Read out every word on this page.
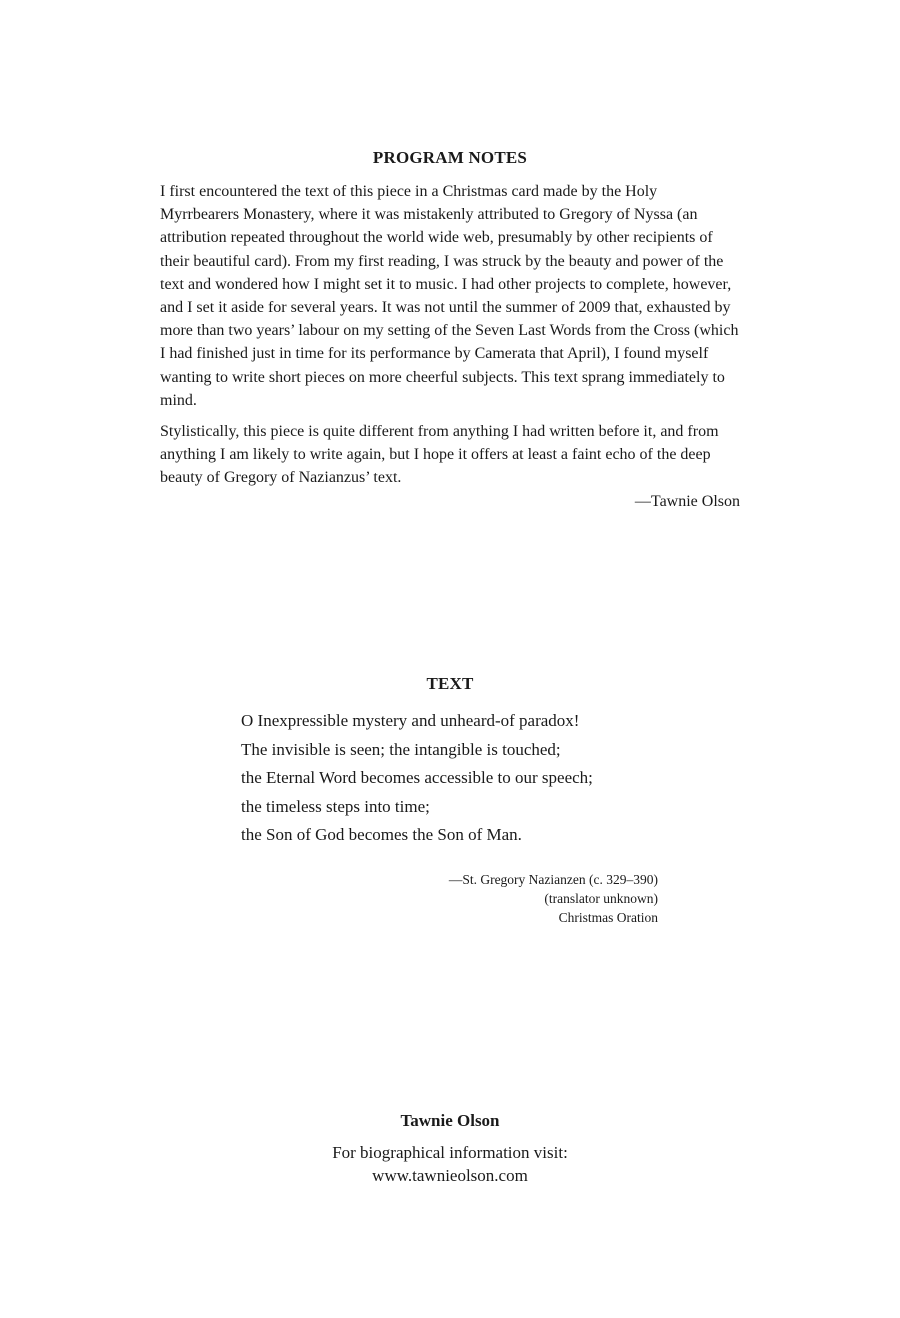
PROGRAM NOTES

I first encountered the text of this piece in a Christmas card made by the Holy Myrrbearers Monastery, where it was mistakenly attributed to Gregory of Nyssa (an attribution repeated throughout the world wide web, presumably by other recipients of their beautiful card). From my first reading, I was struck by the beauty and power of the text and wondered how I might set it to music. I had other projects to complete, however, and I set it aside for several years. It was not until the summer of 2009 that, exhausted by more than two years’ labour on my setting of the Seven Last Words from the Cross (which I had finished just in time for its performance by Camerata that April), I found myself wanting to write short pieces on more cheerful subjects. This text sprang immediately to mind.

Stylistically, this piece is quite different from anything I had written before it, and from anything I am likely to write again, but I hope it offers at least a faint echo of the deep beauty of Gregory of Nazianzus’ text.

—Tawnie Olson

TEXT
O Inexpressible mystery and unheard-of paradox!
The invisible is seen; the intangible is touched;
the Eternal Word becomes accessible to our speech;
the timeless steps into time;
the Son of God becomes the Son of Man.
—St. Gregory Nazianzen (c. 329–390)
(translator unknown)
Christmas Oration
Tawnie Olson
For biographical information visit:
www.tawnieolson.com
